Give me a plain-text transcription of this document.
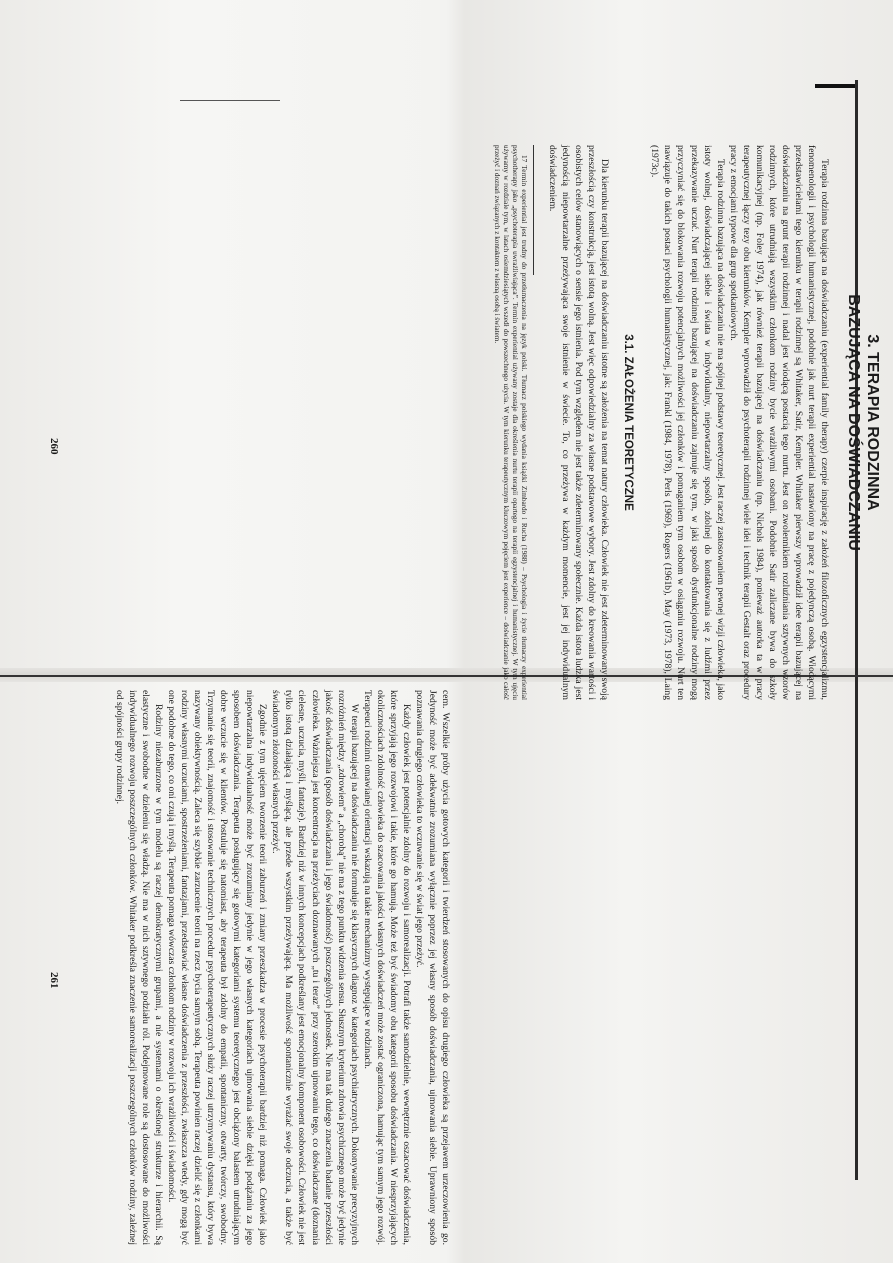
3. TERAPIA RODZINNA
BAZUJĄCA NA DOŚWIADCZANIU

Terapia rodzinna bazująca na doświadczaniu (experiential family therapy) czerpie inspirację z założeń filozoficznych egzystencjalizmu, fenomenologii i psychologii humanistycznej, podobnie jak nurt terapii experiential nastawiony na pracę z pojedynczą osobą. Wiodącymi przedstawicielami tego kierunku w terapii rodzinnej są Whitaker, Satir, Kempler. Whitaker pierwszy wprowadził idee terapii bazującej na doświadczaniu na grunt terapii rodzinnej i nadal jest wiodącą postacią tego nurtu. Jest on zwolennikiem rozluźniania sztywnych wzorów rodzinnych, które utrudniają wszystkim członkom rodziny bycie wrażliwymi osobami. Podobnie Satir zaliczane bywa do szkoły komunikacyjnej (np. Foley 1974), jak również terapii bazującej na doświadczaniu (np. Nichols 1984), ponieważ autorka ta w pracy terapeutycznej łączy tezy obu kierunków. Kempler wprowadził do psychoterapii rodzinnej wiele idei i technik terapii Gestalt oraz procedury pracy z emocjami typowe dla grup spotkaniowych.

Terapia rodzinna bazująca na doświadczaniu nie ma spójnej podstawy teoretycznej. Jest raczej zastosowaniem pewnej wizji człowieka, jako istoty wolnej, doświadczającej siebie i świata w indywidualny, niepowtarzalny sposób, zdolnej do kontaktowania się z ludźmi przez przekazywanie uczuć. Nurt terapii rodzinnej bazującej na doświadczaniu zajmuje się tym, w jaki sposób dysfunkcjonalne rodziny mogą przyczyniać się do blokowania rozwoju potencjalnych możliwości jej członków i pomaganiem tym osobom w osiąganiu rozwoju. Nurt ten nawiązuje do takich postaci psychologii humanistycznej, jak: Frankl (1984, 1978), Perls (1969), Rogers (1961b), May (1973, 1978), Laing (1973c).

3.1. ZAŁOŻENIA TEORETYCZNE

Dla kierunku terapii bazującej na doświadczaniu istotne są założenia na temat natury człowieka. Człowiek nie jest zdeterminowany swoją przeszłością czy konstrukcją, jest istotą wolną. Jest więc odpowiedzialny za własne podstawowe wybory. Jest zdolny do kreowania wartości i osobistych celów stanowiących o sensie jego istnienia. Pod tym względem nie jest także zdeterminowany społecznie. Każda istota ludzka jest jedynością niepowtarzalne przeżywająca swoje istnienie w świecie. To, co przeżywa w każdym momencie, jest jej indywidualnym doświadczeniem.

17 Termin experiential jest trudny do przetłumaczenia na język polski. Tłumacz polskiego wydania książki Zimbardo i Rucha (1988) – Psychologia i życie tłumaczy experiential psychotherapy jako „psychoterapia uwrażliwiająca”. Termin experiential używany zostaje dla określenia nurtu terapii opartego na terapii egzystencjalnej i humanistycznej. W tym ujęciu używamy w rozdziale tym, w latach osiemdziesiątych wszedł do powszechnego użycia. W tym kierunku terapeutycznym kluczowym pojęciem jest experience – doświadczanie jako całość przeżyć i doznań związanych z kontaktem z własną osobą i światem.

cem. Wszelkie próby użycia gotowych kategorii i twierdzeń stosowanych do opisu drugiego człowieka są przejawem urzeczowienia go. Jedyność może być adekwatnie zrozumiana wyłącznie poprzez jej własny sposób doświadczania, ujmowania siebie. Uprawniony sposób poznawania drugiego człowieka to wczuwanie się w świat jego przeżyć.

Każdy człowiek jest potencjalnie zdolny do rozwoju i samorealizacji. Potrafi także samodzielnie, wewnętrznie oszacować doświadczenia, które sprzyjają jego rozwojowi i takie, które go hamują. Może też być świadomy obu kategorii sposobu doświadczania. W niesprzyjających okolicznościach zdolność człowieka do szacowania jakości własnych doświadczeń może zostać ograniczona, hamując tym samym jego rozwój. Terapeuci rodzinni omawianej orientacji wskazują na takie mechanizmy występujące w rodzinach.

W terapii bazującej na doświadczaniu nie formułuje się klasycznych diagnoz w kategoriach psychiatrycznych. Dokonywanie precyzyjnych rozróżnień między „zdrowiem” a „chorobą” nie ma z tego punktu widzenia sensu. Słusznym kryterium zdrowia psychicznego może być jedynie jakość doświadczania (sposób doświadczania i jego świadomość) poszczególnych jednostek. Nie ma tak dużego znaczenia badanie przeszłości człowieka. Ważniejsza jest koncentracja na przeżyciach doznawanych „tu i teraz” przy szerokim ujmowaniu tego, co doświadczane (doznania cielesne, uczucia, myśli, fantazje). Bardziej niż w innych koncepcjach podkreślany jest emocjonalny komponent osobowości. Człowiek nie jest tylko istotą działającą i myślącą, ale przede wszystkim przeżywającą. Ma możliwość spontanicznie wyrażać swoje odczucia, a także być świadomym złożoności własnych przeżyć.

Zgodnie z tym ujęciem tworzenie teorii zaburzeń i zmiany przeszkadza w procesie psychoterapii bardziej niż pomaga. Człowiek jako niepowtarzalna indywidualność może być zrozumiany jedynie w jego własnych kategoriach ujmowania siebie dzięki podążaniu za jego sposobem doświadczania. Terapeuta posługujący się gotowymi kategoriami systemu teoretycznego jest obciążony balastem utrudniającym dobre wczucie się w klientów. Postuluje się natomiast, aby terapeuta był zdolny do empatii, spontaniczny, otwarty, twórczy, swobodny. Trzymanie się teorii, znajomość i stosowanie technicznych procedur psychoterapeutycznych służy raczej utrzymywaniu dystansu, który bywa nazywany obiektywnością. Zaleca się szybkie zarzucenie teorii na rzecz bycia samym sobą. Terapeuta powinien raczej dzielić się z członkami rodziny własnymi uczuciami, spostrzeżeniami, fantazjami, przedstawiać własne doświadczenia z przeszłości, zwłaszcza wtedy, gdy mogą być one podobne do tego, co oni czują i myślą. Terapeuta pomaga wówczas członkom rodziny w rozwoju ich wrażliwości i świadomości.

Rodziny niezaburzone w tym modelu są raczej demokratycznymi grupami, a nie systemami o określonej strukturze i hierarchii. Są elastyczne i swobodne w dzieleniu się władzą. Nie ma w nich sztywnego podziału ról. Podejmowane role są dostosowane do możliwości indywidualnego rozwoju poszczególnych członków. Whitaker podkreśla znaczenie samorealizacji poszczególnych członków rodziny, zależnej od spójności grupy rodzinnej.

260
261
